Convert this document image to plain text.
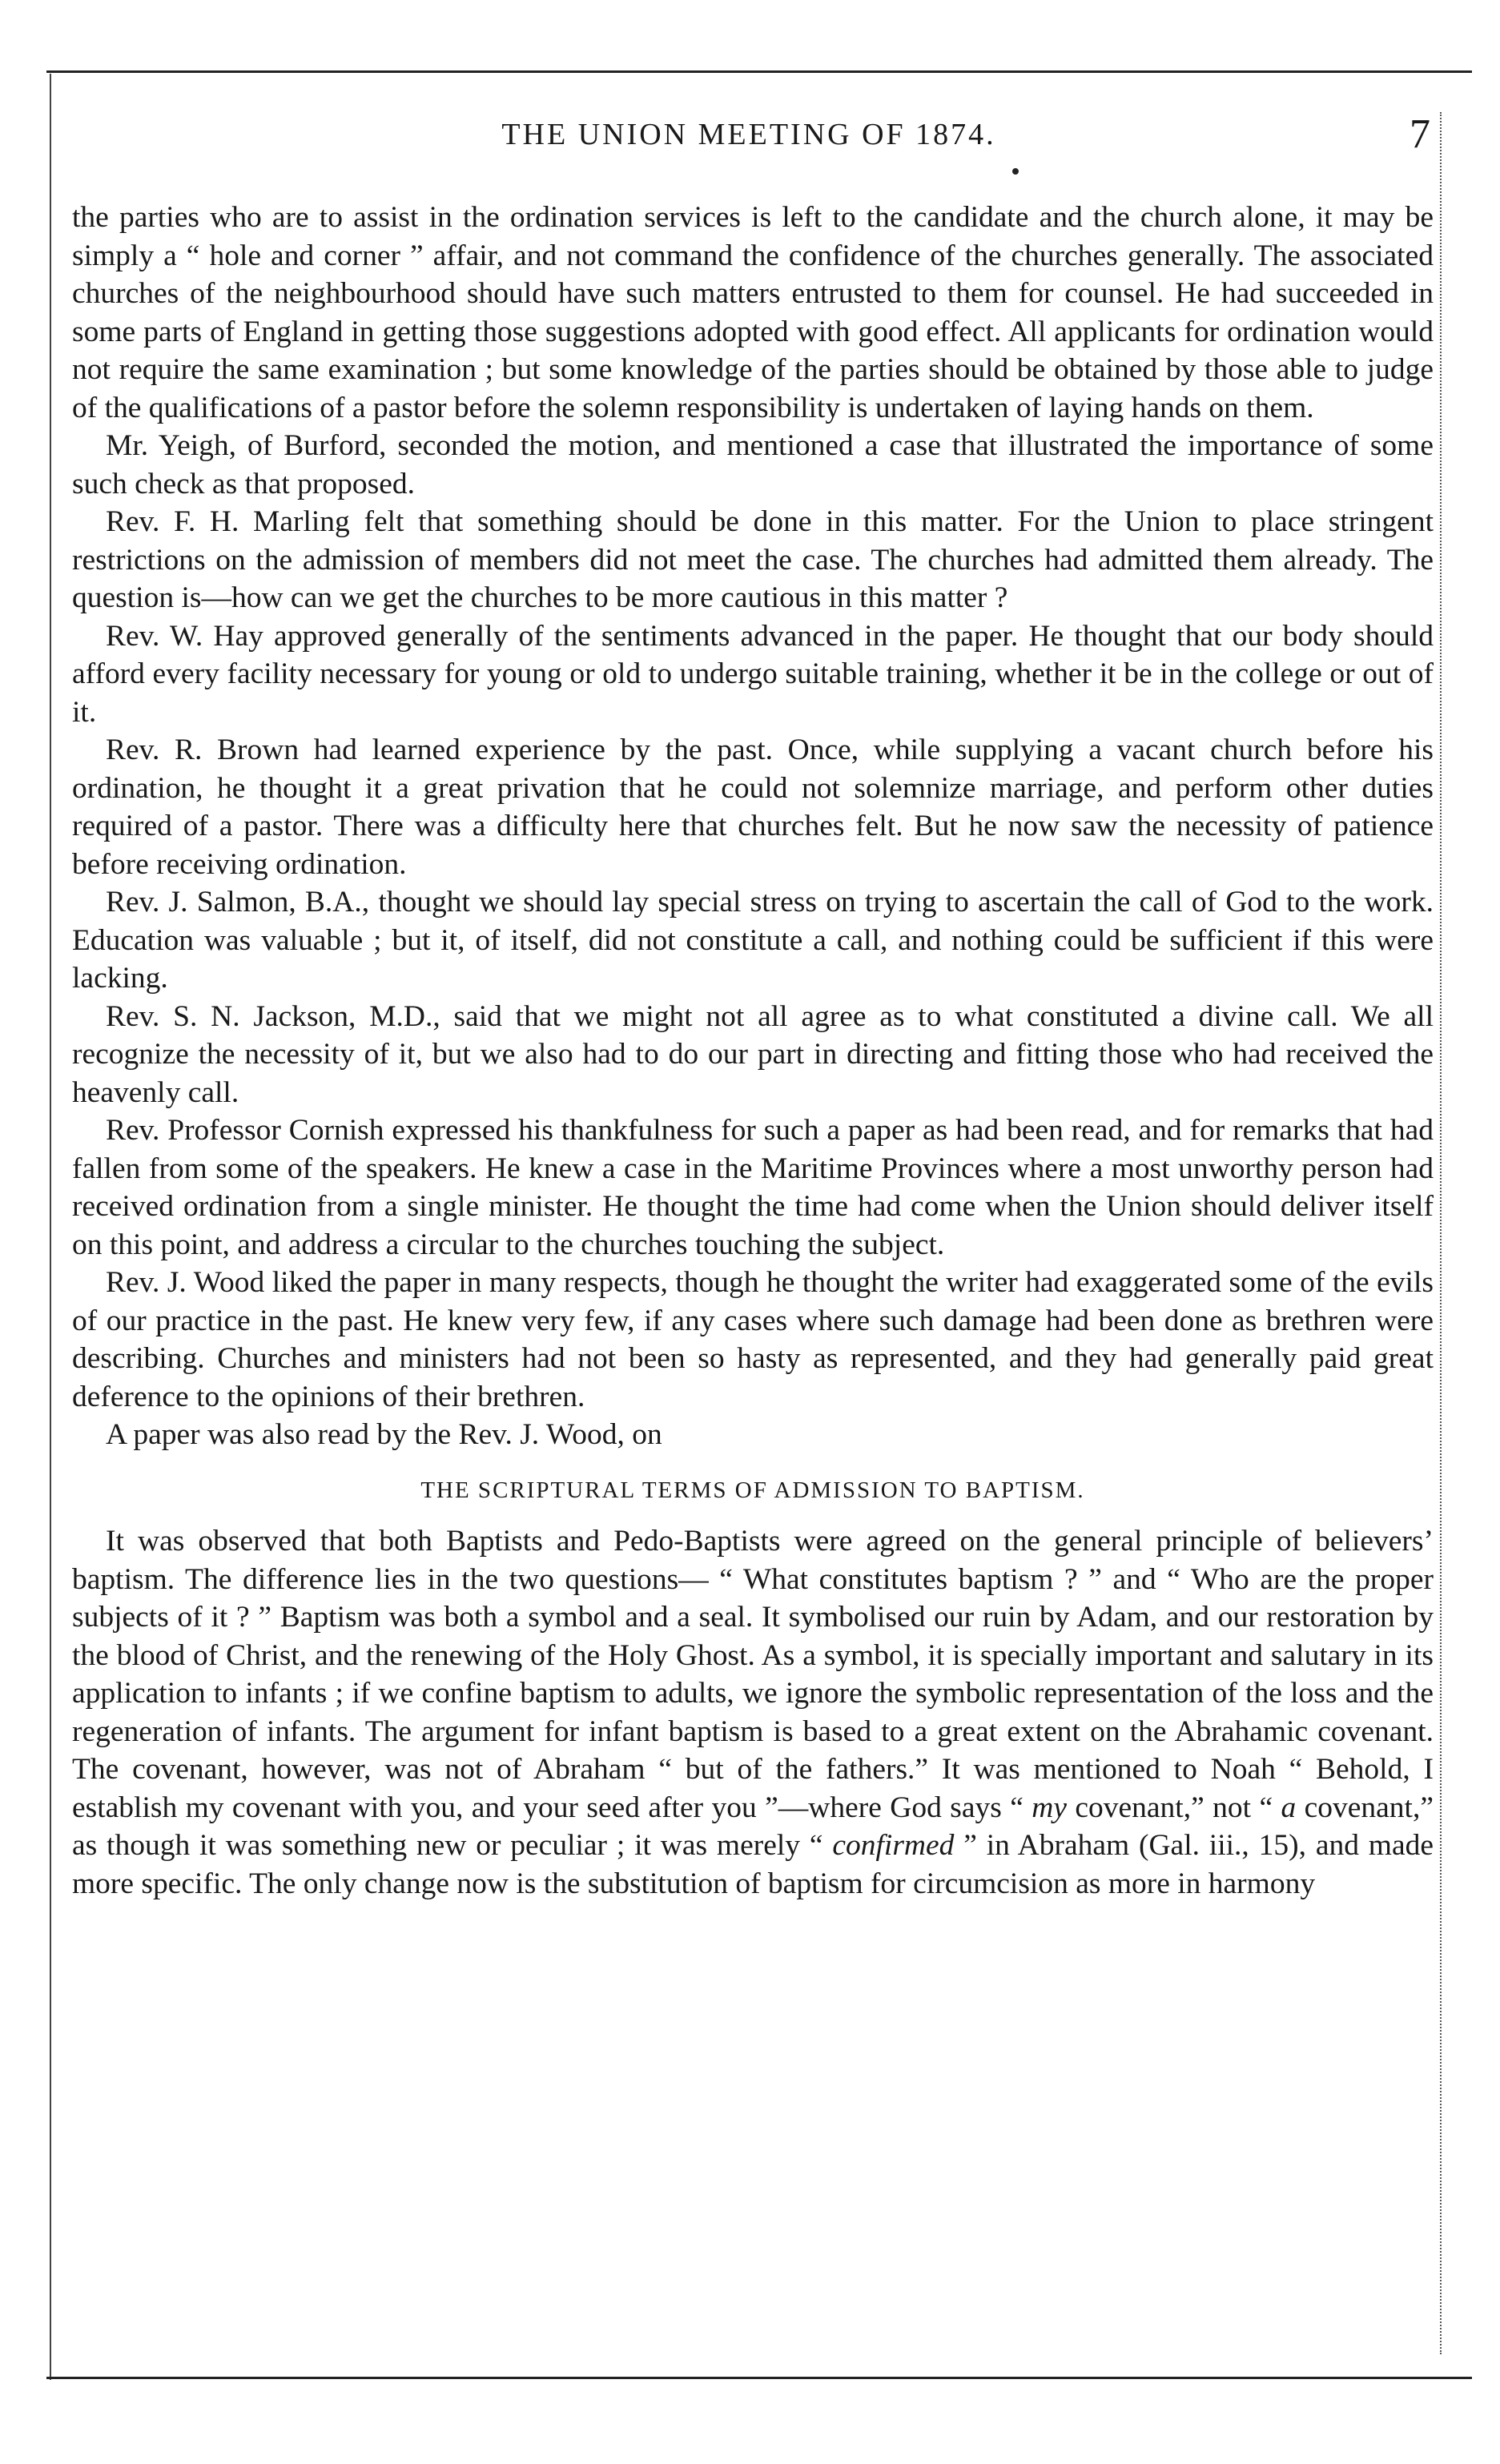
THE UNION MEETING OF 1874.	7

the parties who are to assist in the ordination services is left to the candidate and the church alone, it may be simply a “ hole and corner ” affair, and not command the confidence of the churches generally. The associated churches of the neighbourhood should have such matters entrusted to them for counsel. He had succeeded in some parts of England in getting those suggestions adopted with good effect. All applicants for ordination would not require the same examination ; but some knowledge of the parties should be obtained by those able to judge of the qualifications of a pastor before the solemn responsibility is undertaken of laying hands on them.

Mr. Yeigh, of Burford, seconded the motion, and mentioned a case that illustrated the importance of some such check as that proposed.

Rev. F. H. Marling felt that something should be done in this matter. For the Union to place stringent restrictions on the admission of members did not meet the case. The churches had admitted them already. The question is—how can we get the churches to be more cautious in this matter ?

Rev. W. Hay approved generally of the sentiments advanced in the paper. He thought that our body should afford every facility necessary for young or old to undergo suitable training, whether it be in the college or out of it.

Rev. R. Brown had learned experience by the past. Once, while supplying a vacant church before his ordination, he thought it a great privation that he could not solemnize marriage, and perform other duties required of a pastor. There was a difficulty here that churches felt. But he now saw the necessity of patience before receiving ordination.

Rev. J. Salmon, B.A., thought we should lay special stress on trying to ascertain the call of God to the work. Education was valuable ; but it, of itself, did not constitute a call, and nothing could be sufficient if this were lacking.

Rev. S. N. Jackson, M.D., said that we might not all agree as to what constituted a divine call. We all recognize the necessity of it, but we also had to do our part in directing and fitting those who had received the heavenly call.

Rev. Professor Cornish expressed his thankfulness for such a paper as had been read, and for remarks that had fallen from some of the speakers. He knew a case in the Maritime Provinces where a most unworthy person had received ordination from a single minister. He thought the time had come when the Union should deliver itself on this point, and address a circular to the churches touching the subject.

Rev. J. Wood liked the paper in many respects, though he thought the writer had exaggerated some of the evils of our practice in the past. He knew very few, if any cases where such damage had been done as brethren were describing. Churches and ministers had not been so hasty as represented, and they had generally paid great deference to the opinions of their brethren.

A paper was also read by the Rev. J. Wood, on

THE SCRIPTURAL TERMS OF ADMISSION TO BAPTISM.

It was observed that both Baptists and Pedo-Baptists were agreed on the general principle of believers’ baptism. The difference lies in the two questions— “ What constitutes baptism ? ” and “ Who are the proper subjects of it ? ” Baptism was both a symbol and a seal. It symbolised our ruin by Adam, and our restoration by the blood of Christ, and the renewing of the Holy Ghost. As a symbol, it is specially important and salutary in its application to infants ; if we confine baptism to adults, we ignore the symbolic representation of the loss and the regeneration of infants. The argument for infant baptism is based to a great extent on the Abrahamic covenant. The covenant, however, was not of Abraham “ but of the fathers.” It was mentioned to Noah “ Behold, I establish my covenant with you, and your seed after you ”—where God says “ my covenant,” not “ a covenant,” as though it was something new or peculiar ; it was merely “ confirmed ” in Abraham (Gal. iii., 15), and made more specific. The only change now is the substitution of baptism for circumcision as more in harmony
